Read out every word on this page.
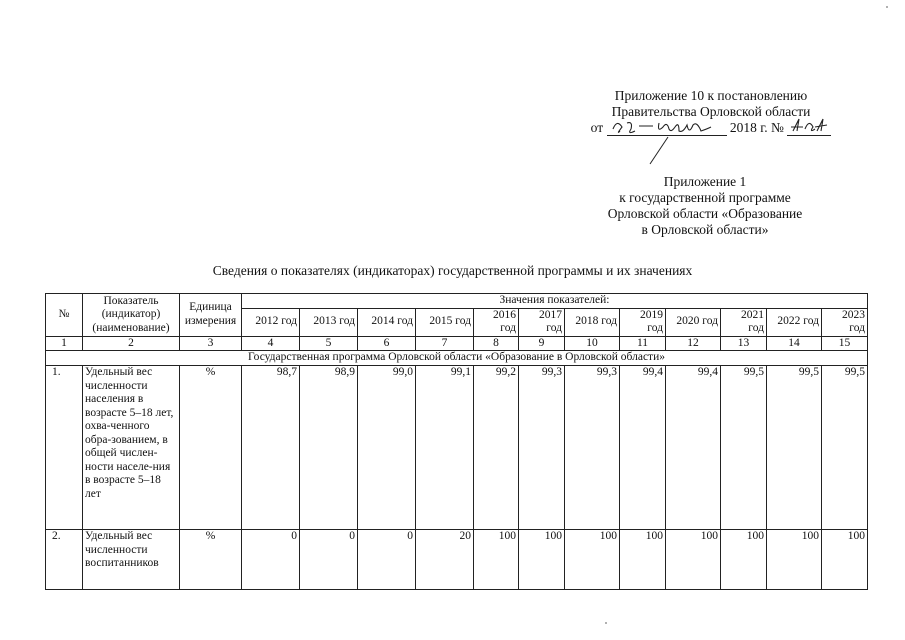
Приложение 10 к постановлению
Правительства Орловской области
от	2018 г. №
Приложение 1
к государственной программе
Орловской области «Образование
в Орловской области»
Сведения о показателях (индикаторах) государственной программы и их значениях
№	Показатель (индикатор) (наименование)	Единица измерения	Значения показателей:											
			2012 год	2013 год	2014 год	2015 год	2016 год	2017 год	2018 год	2019 год	2020 год	2021 год	2022 год	2023 год
1	2	3	4	5	6	7	8	9	10	11	12	13	14	15
Государственная программа Орловской области «Образование в Орловской области»														
1.	Удельный вес численности населения в возрасте 5–18 лет, охва-ченного обра-зованием, в общей числен-ности населе-ния в возрасте 5–18 лет	%	98,7	98,9	99,0	99,1	99,2	99,3	99,3	99,4	99,4	99,5	99,5	99,5
2.	Удельный вес численности воспитанников	%	0	0	0	20	100	100	100	100	100	100	100	100
